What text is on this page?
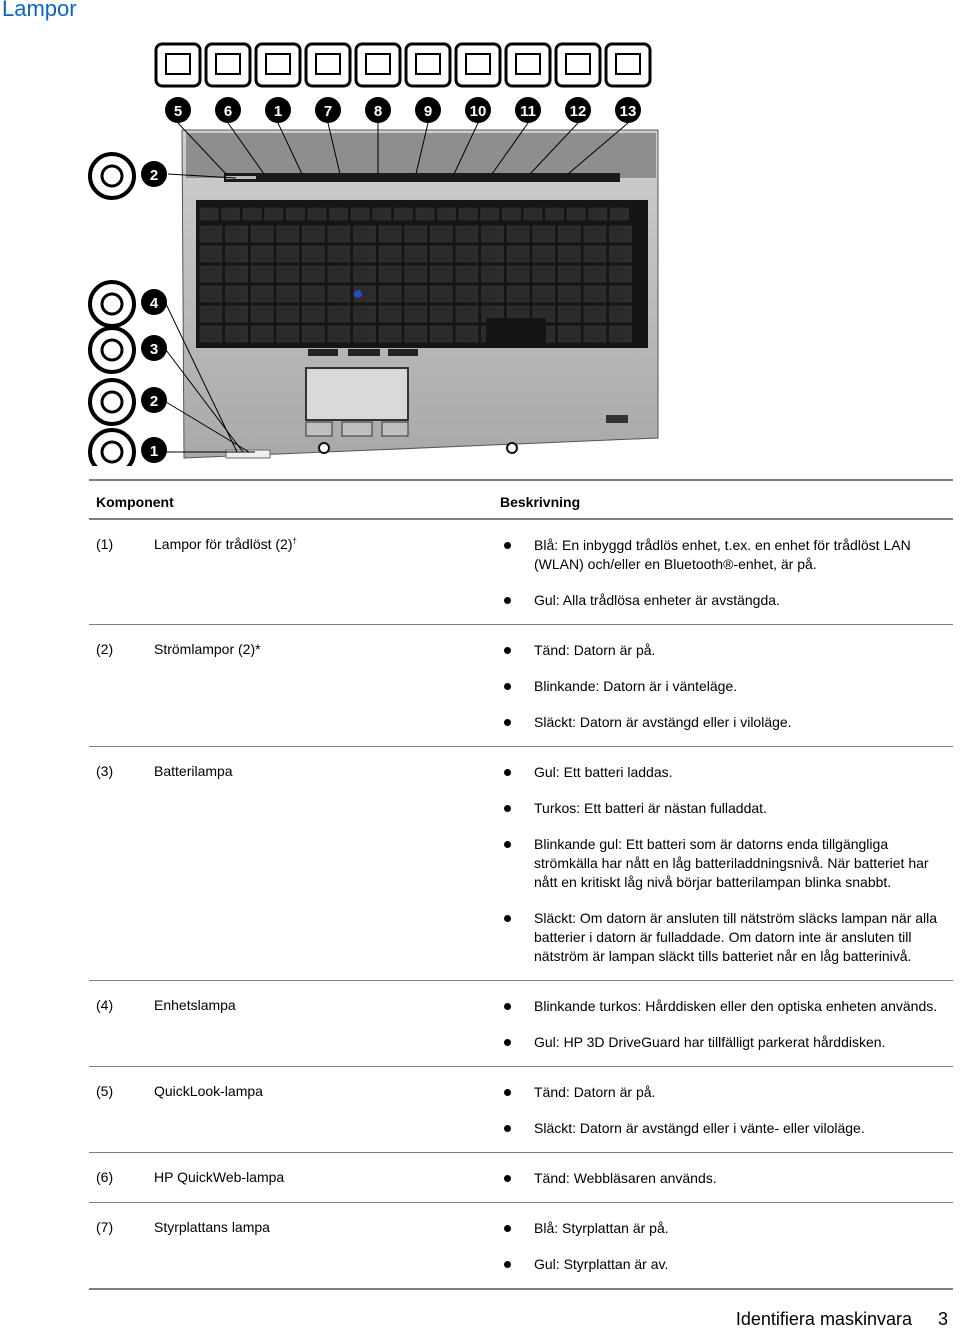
Lampor
5	6	1	7	8	9 10 11 12 13
2
4
3
2
1
Komponent	Beskrivning
(1)	Lampor för trådlöst (2)†	Blå: En inbyggd trådlös enhet, t.ex. en enhet för trådlöst LAN (WLAN) och/eller en Bluetooth®-enhet, är på.
Gul: Alla trådlösa enheter är avstängda.
(2)	Strömlampor (2)*	Tänd: Datorn är på.
Blinkande: Datorn är i vänteläge.
Släckt: Datorn är avstängd eller i viloläge.
(3)	Batterilampa	Gul: Ett batteri laddas.
Turkos: Ett batteri är nästan fulladdat.
Blinkande gul: Ett batteri som är datorns enda tillgängliga strömkälla har nått en låg batteriladdningsnivå. När batteriet har nått en kritiskt låg nivå börjar batterilampan blinka snabbt.
Släckt: Om datorn är ansluten till nätström släcks lampan när alla batterier i datorn är fulladdade. Om datorn inte är ansluten till nätström är lampan släckt tills batteriet når en låg batterinivå.
(4)	Enhetslampa	Blinkande turkos: Hårddisken eller den optiska enheten används.
Gul: HP 3D DriveGuard har tillfälligt parkerat hårddisken.
(5)	QuickLook-lampa	Tänd: Datorn är på.
Släckt: Datorn är avstängd eller i vänte- eller viloläge.
(6)	HP QuickWeb-lampa	Tänd: Webbläsaren används.
(7)	Styrplattans lampa	Blå: Styrplattan är på.
Gul: Styrplattan är av.
Identifiera maskinvara 3
